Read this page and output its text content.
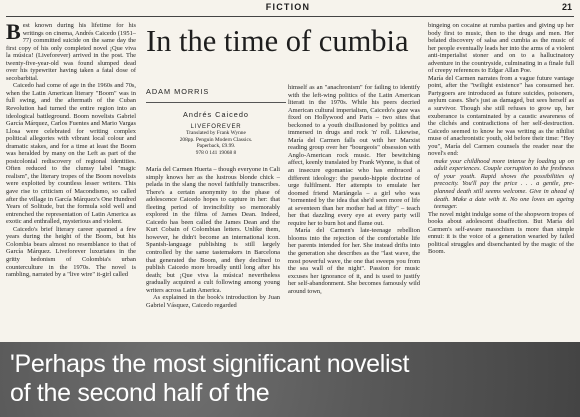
FICTION	21

Best known during his lifetime for his writings on cinema, Andrés Caicedo (1951–77) committed suicide on the same day the first copy of his only completed novel ¡Que viva la música! (Liveforever) arrived in the post. The twenty-five-year-old was found slumped dead over his typewriter having taken a fatal dose of secobarbital.

Caicedo had come of age in the 1960s and 70s, when the Latin American literary "Boom" was in full swing, and the aftermath of the Cuban Revolution had turned the entire region into an ideological battleground. Boom novelists Gabriel García Márquez, Carlos Fuentes and Mario Vargas Llosa were celebrated for writing complex political allegories with vibrant local colour and dramatic stakes, and for a time at least the Boom was heralded by many on the Left as part of the postcolonial rediscovery of regional identities. Often reduced to the clumsy label "magic realism", the literary tropes of the Boom novelists were exploited by countless lesser writers. This gave rise to criticism of Macondismo, so called after the village in García Márquez's One Hundred Years of Solitude, but the formula sold well and entrenched the representation of Latin America as exotic and enthralled, mysterious and violent.

Caicedo's brief literary career spanned a few years during the height of the Boom, but his Colombia bears almost no resemblance to that of García Márquez. Liveforever luxuriates in the gritty hedonism of Colombia's urban counterculture in the 1970s. The novel is rambling, narrated by a "live wire" it-girl called

In the time of cumbia
ADAM MORRIS
Andrés Caicedo
LIVEFOREVER
Translated by Frank Wynne
208pp. Penguin Modern Classics.
Paperback, £9.99.
978 0 141 19068 8

María del Carmen Huerta – though everyone in Cali simply knows her as the lustrous blonde chick – pelada in the slang the novel faithfully transcribes. There's a certain anonymity to the phase of adolescence Caicedo hopes to capture in her: that fleeting period of invincibility so memorably explored in the films of James Dean. Indeed, Caicedo has been called the James Dean and the Kurt Cobain of Colombian letters. Unlike them, however, he didn't become an international icon. Spanish-language publishing is still largely controlled by the same tastemakers in Barcelona that generated the Boom, and they declined to publish Caicedo more broadly until long after his death; but ¡Que viva la música! nevertheless gradually acquired a cult following among young writers across Latin America.

As explained in the book's introduction by Juan Gabriel Vásquez, Caicedo regarded

himself as an "anachronism" for failing to identify with the left-wing politics of the Latin American literati in the 1970s. While his peers decried American cultural imperialism, Caicedo's gaze was fixed on Hollywood and Paris – two sites that beckoned to a youth disillusioned by politics and immersed in drugs and rock 'n' roll. Likewise, María del Carmen falls out with her Marxist reading group over her "bourgeois" obsession with Anglo-American rock music. Her bewitching affect, keenly translated by Frank Wynne, is that of an insecure egomaniac who has embraced a different ideology: the pseudo-hippie doctrine of urge fulfilment. Her attempts to emulate her doomed friend Mariángela – a girl who was "tormented by the idea that she'd seen more of life at seventeen than her mother had at fifty" – teach her that dazzling every eye at every party will require her to burn hot and flame out.

María del Carmen's late-teenage rebellion blooms into the rejection of the comfortable life her parents intended for her. She instead drifts into the generation she describes as the "last wave, the most powerful wave, the one that sweeps you from the sea wall of the night". Passion for music excuses her ignorance of it, and is used to justify her self-abandonment. She becomes famously wild around town,

bingeing on cocaine at rumba parties and giving up her body first to music, then to the drugs and men. Her belated discovery of salsa and cumbia as the music of her people eventually leads her into the arms of a violent anti-imperialist stoner and on to a hallucinatory adventure in the countryside, culminating in a finale full of creepy references to Edgar Allan Poe.

María del Carmen narrates from a vague future vantage point, after the "twilight existence" has consumed her. Partygoers are introduced as future suicides, poisoners, asylum cases. She's just as damaged, but sees herself as a survivor. Though she still refuses to grow up, her exuberance is contaminated by a caustic awareness of the clichés and contradictions of her self-destruction. Caicedo seemed to know he was writing as the nihilist muse of anachronistic youth, old before their time: "Hey you", María del Carmen counsels the reader near the novel's end:

make your childhood more intense by loading up on adult experiences. Couple corruption to the freshness of your youth. Rapid shows the possibilities of precocity. You'll pay the price . . . a gentle, pre-planned death still seems welcome. Give in ahead of death. Make a date with it. No one loves an ageing teenager.

The novel might indulge some of the shopworn tropes of books about adolescent disaffection. But María del Carmen's self-aware masochism is more than simple ennui: it is the voice of a generation wearied by failed political struggles and disenchanted by the magic of the Boom.

'Perhaps the most significant novelist
of the second half of the
